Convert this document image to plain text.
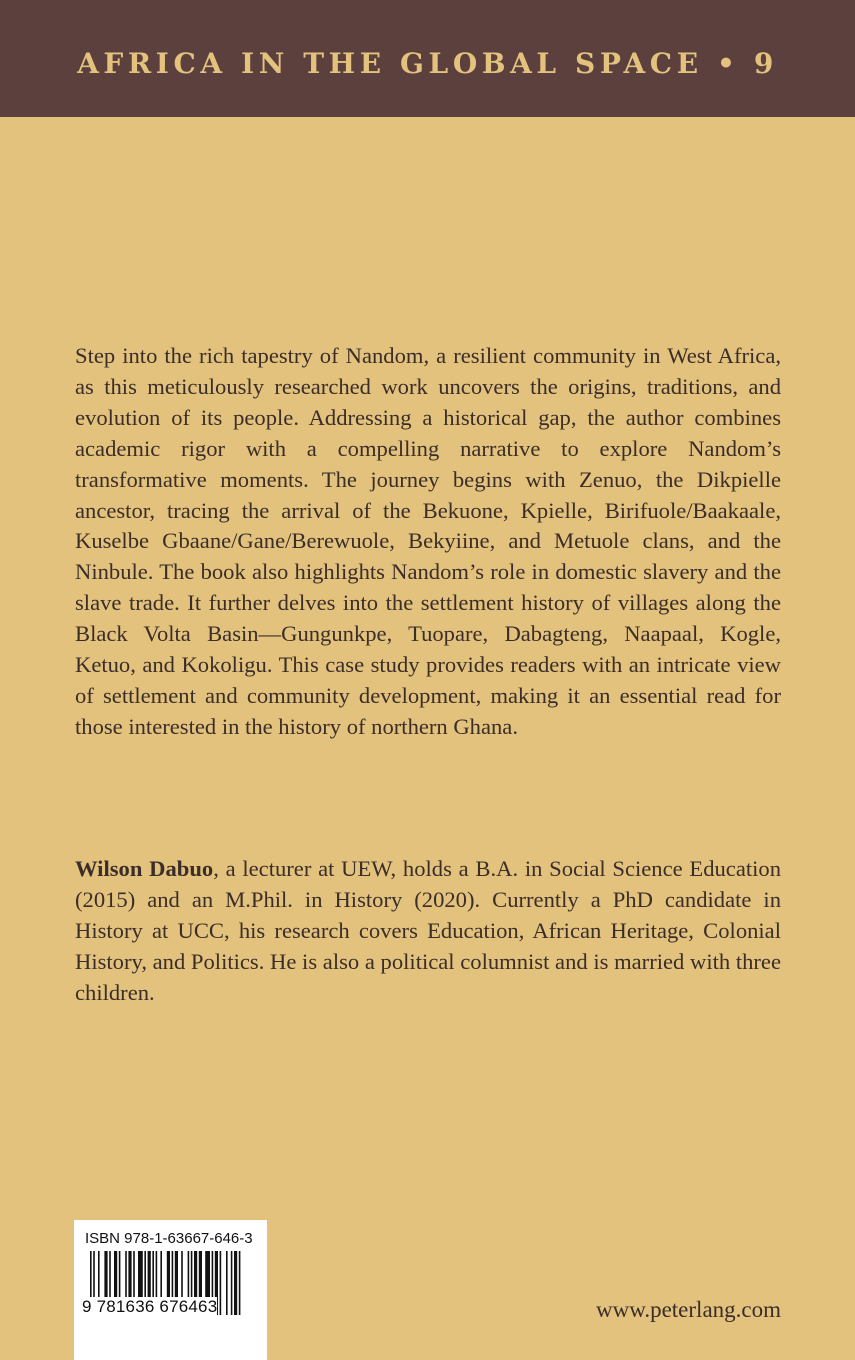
AFRICA IN THE GLOBAL SPACE • 9

Step into the rich tapestry of Nandom, a resilient community in West Africa, as this meticulously researched work uncovers the origins, traditions, and evolution of its people. Addressing a historical gap, the author combines academic rigor with a compelling narrative to explore Nandom’s transformative moments. The journey begins with Zenuo, the Dikpielle ancestor, tracing the arrival of the Bekuone, Kpielle, Birifuole/Baakaale, Kuselbe Gbaane/Gane/Berewuole, Bekyiine, and Metuole clans, and the Ninbule. The book also highlights Nandom’s role in domestic slavery and the slave trade. It further delves into the settlement history of villages along the Black Volta Basin—Gungunkpe, Tuopare, Dabagteng, Naapaal, Kogle, Ketuo, and Kokoligu. This case study provides readers with an intricate view of settlement and community development, making it an essential read for those interested in the history of northern Ghana.

Wilson Dabuo, a lecturer at UEW, holds a B.A. in Social Science Education (2015) and an M.Phil. in History (2020). Currently a PhD candidate in History at UCC, his research covers Education, African Heritage, Colonial History, and Politics. He is also a political columnist and is married with three children.

ISBN 978-1-63667-646-3
9 781636 676463	www.peterlang.com
